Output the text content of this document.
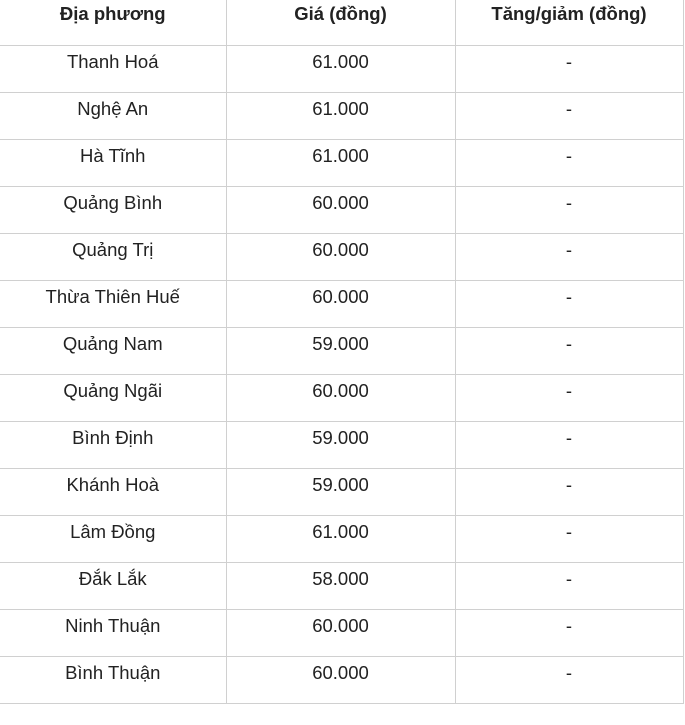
Địa phương	Giá (đồng)	Tăng/giảm (đồng)
Thanh Hoá	61.000	-
Nghệ An	61.000	-
Hà Tĩnh	61.000	-
Quảng Bình	60.000	-
Quảng Trị	60.000	-
Thừa Thiên Huế	60.000	-
Quảng Nam	59.000	-
Quảng Ngãi	60.000	-
Bình Định	59.000	-
Khánh Hoà	59.000	-
Lâm Đồng	61.000	-
Đắk Lắk	58.000	-
Ninh Thuận	60.000	-
Bình Thuận	60.000	-
